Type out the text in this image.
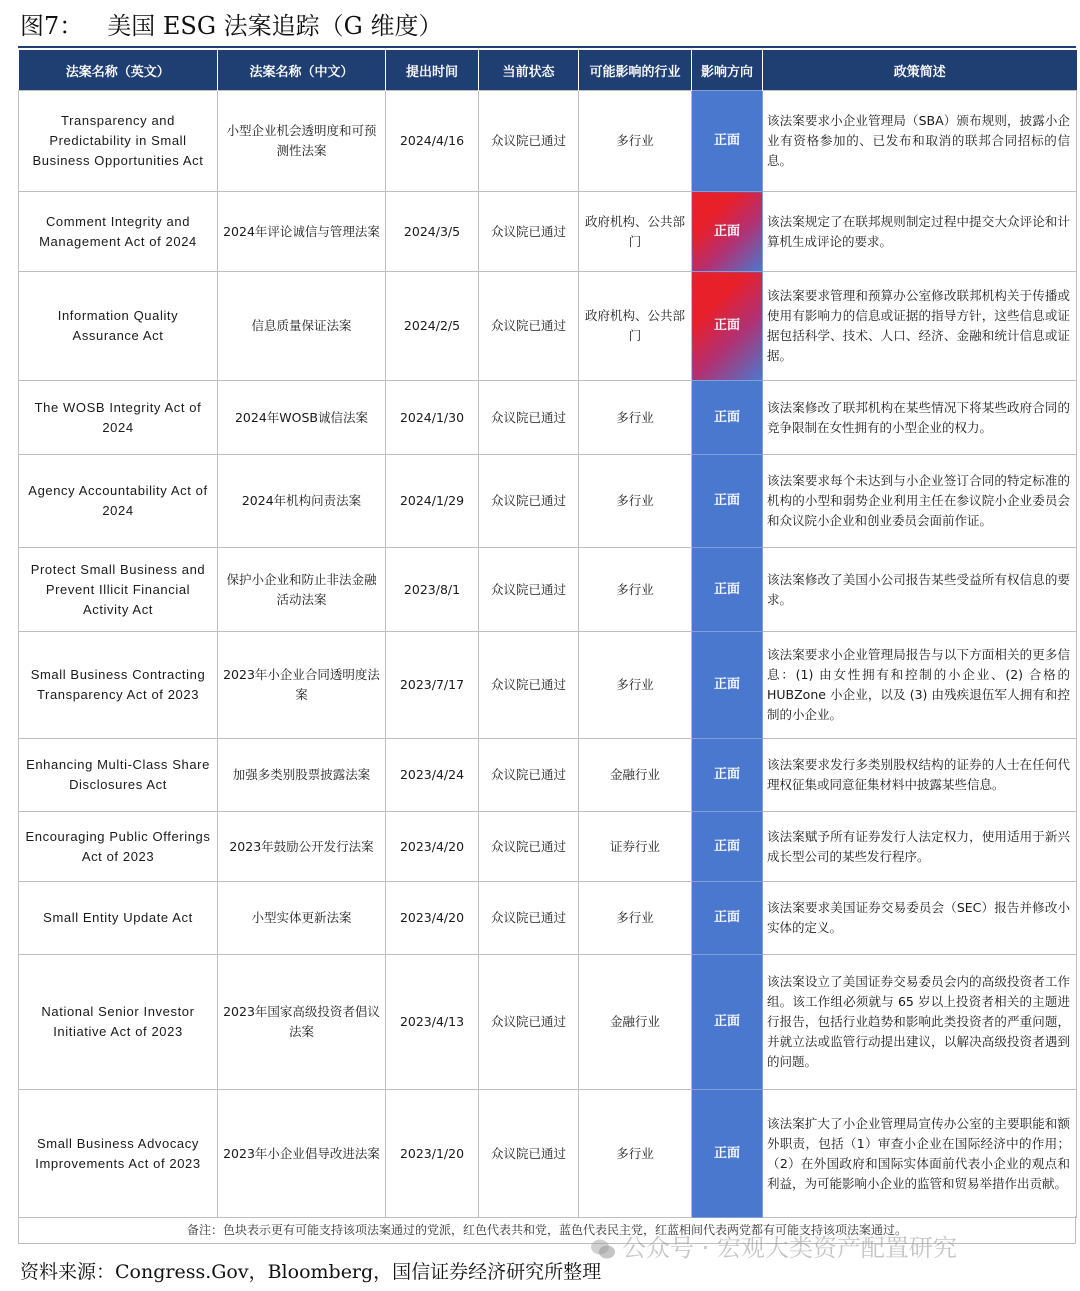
图7： 美国 ESG 法案追踪（G 维度）
法案名称（英文）	法案名称（中文）	提出时间	当前状态	可能影响的行业	影响方向	政策简述
Transparency and Predictability in Small Business Opportunities Act	小型企业机会透明度和可预测性法案	2024/4/16	众议院已通过	多行业	正面	该法案要求小企业管理局（SBA）颁布规则，披露小企业有资格参加的、已发布和取消的联邦合同招标的信息。
Comment Integrity and Management Act of 2024	2024年评论诚信与管理法案	2024/3/5	众议院已通过	政府机构、公共部门	正面	该法案规定了在联邦规则制定过程中提交大众评论和计算机生成评论的要求。
Information Quality Assurance Act	信息质量保证法案	2024/2/5	众议院已通过	政府机构、公共部门	正面	该法案要求管理和预算办公室修改联邦机构关于传播或使用有影响力的信息或证据的指导方针，这些信息或证据包括科学、技术、人口、经济、金融和统计信息或证据。
The WOSB Integrity Act of 2024	2024年WOSB诚信法案	2024/1/30	众议院已通过	多行业	正面	该法案修改了联邦机构在某些情况下将某些政府合同的竞争限制在女性拥有的小型企业的权力。
Agency Accountability Act of 2024	2024年机构问责法案	2024/1/29	众议院已通过	多行业	正面	该法案要求每个未达到与小企业签订合同的特定标准的机构的小型和弱势企业利用主任在参议院小企业委员会和众议院小企业和创业委员会面前作证。
Protect Small Business and Prevent Illicit Financial Activity Act	保护小企业和防止非法金融活动法案	2023/8/1	众议院已通过	多行业	正面	该法案修改了美国小公司报告某些受益所有权信息的要求。
Small Business Contracting Transparency Act of 2023	2023年小企业合同透明度法案	2023/7/17	众议院已通过	多行业	正面	该法案要求小企业管理局报告与以下方面相关的更多信息：(1) 由女性拥有和控制的小企业、(2) 合格的 HUBZone 小企业，以及 (3) 由残疾退伍军人拥有和控制的小企业。
Enhancing Multi-Class Share Disclosures Act	加强多类别股票披露法案	2023/4/24	众议院已通过	金融行业	正面	该法案要求发行多类别股权结构的证券的人士在任何代理权征集或同意征集材料中披露某些信息。
Encouraging Public Offerings Act of 2023	2023年鼓励公开发行法案	2023/4/20	众议院已通过	证券行业	正面	该法案赋予所有证券发行人法定权力，使用适用于新兴成长型公司的某些发行程序。
Small Entity Update Act	小型实体更新法案	2023/4/20	众议院已通过	多行业	正面	该法案要求美国证券交易委员会（SEC）报告并修改小实体的定义。
National Senior Investor Initiative Act of 2023	2023年国家高级投资者倡议法案	2023/4/13	众议院已通过	金融行业	正面	该法案设立了美国证券交易委员会内的高级投资者工作组。该工作组必须就与 65 岁以上投资者相关的主题进行报告，包括行业趋势和影响此类投资者的严重问题，并就立法或监管行动提出建议，以解决高级投资者遇到的问题。
Small Business Advocacy Improvements Act of 2023	2023年小企业倡导改进法案	2023/1/20	众议院已通过	多行业	正面	该法案扩大了小企业管理局宣传办公室的主要职能和额外职责，包括（1）审查小企业在国际经济中的作用；（2）在外国政府和国际实体面前代表小企业的观点和利益，为可能影响小企业的监管和贸易举措作出贡献。
备注：色块表示更有可能支持该项法案通过的党派，红色代表共和党，蓝色代表民主党，红蓝相间代表两党都有可能支持该项法案通过。
资料来源：Congress.Gov，Bloomberg，国信证券经济研究所整理
公众号 · 宏观大类资产配置研究
